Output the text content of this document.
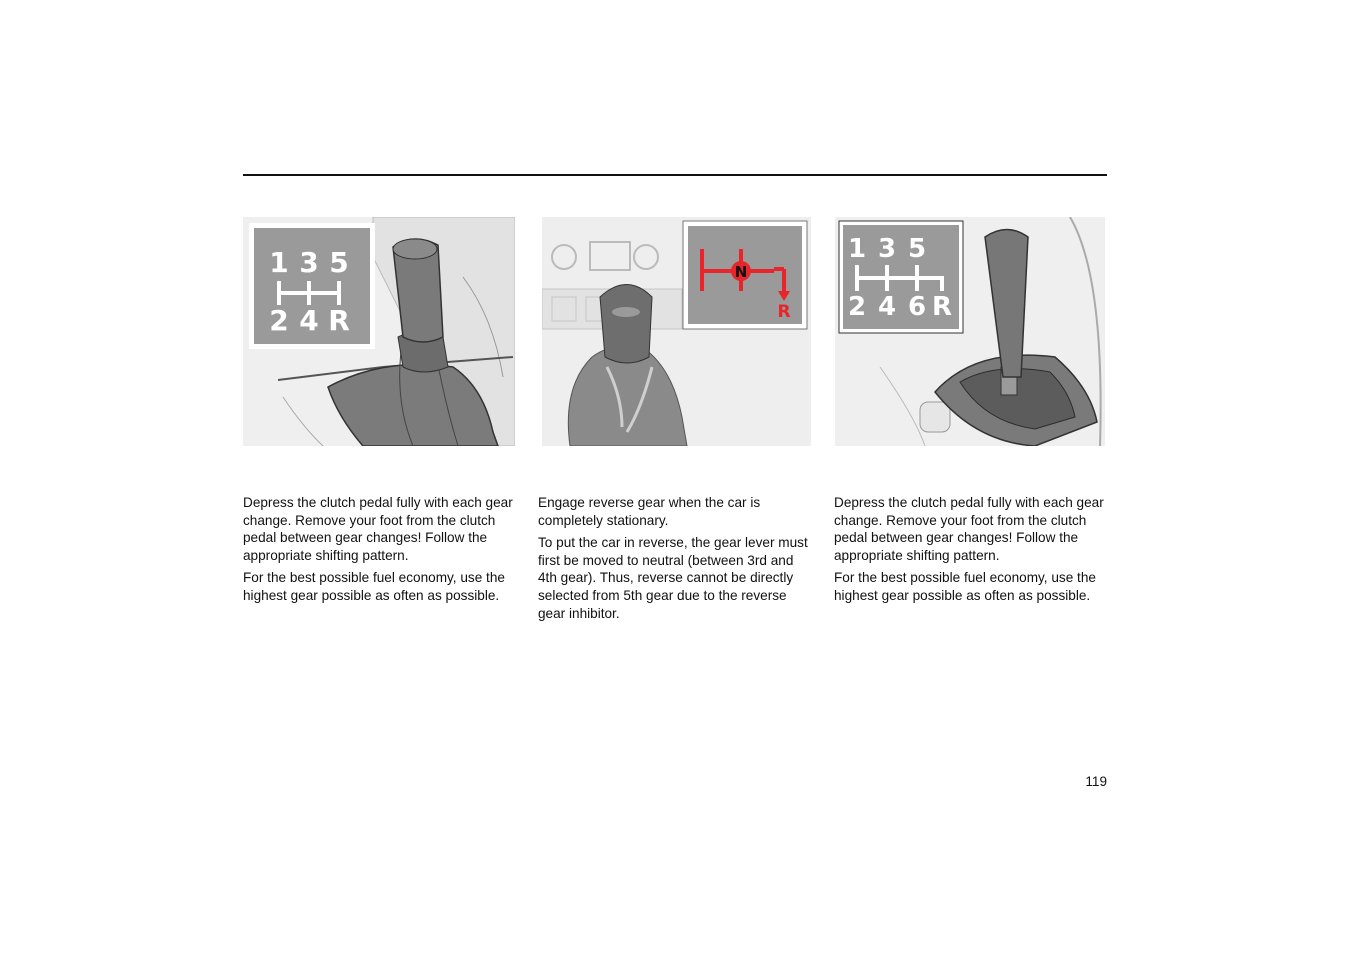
1 3 5
2 4 R
N
R
1 3 5
2 4 6 R

Depress the clutch pedal fully with each gear change. Remove your foot from the clutch pedal between gear changes! Follow the appropriate shifting pattern.

For the best possible fuel economy, use the highest gear possible as often as possible.

Engage reverse gear when the car is completely stationary.

To put the car in reverse, the gear lever must first be moved to neutral (between 3rd and 4th gear). Thus, reverse cannot be directly selected from 5th gear due to the reverse gear inhibitor.

Depress the clutch pedal fully with each gear change. Remove your foot from the clutch pedal between gear changes! Follow the appropriate shifting pattern.

For the best possible fuel economy, use the highest gear possible as often as possible.

119
